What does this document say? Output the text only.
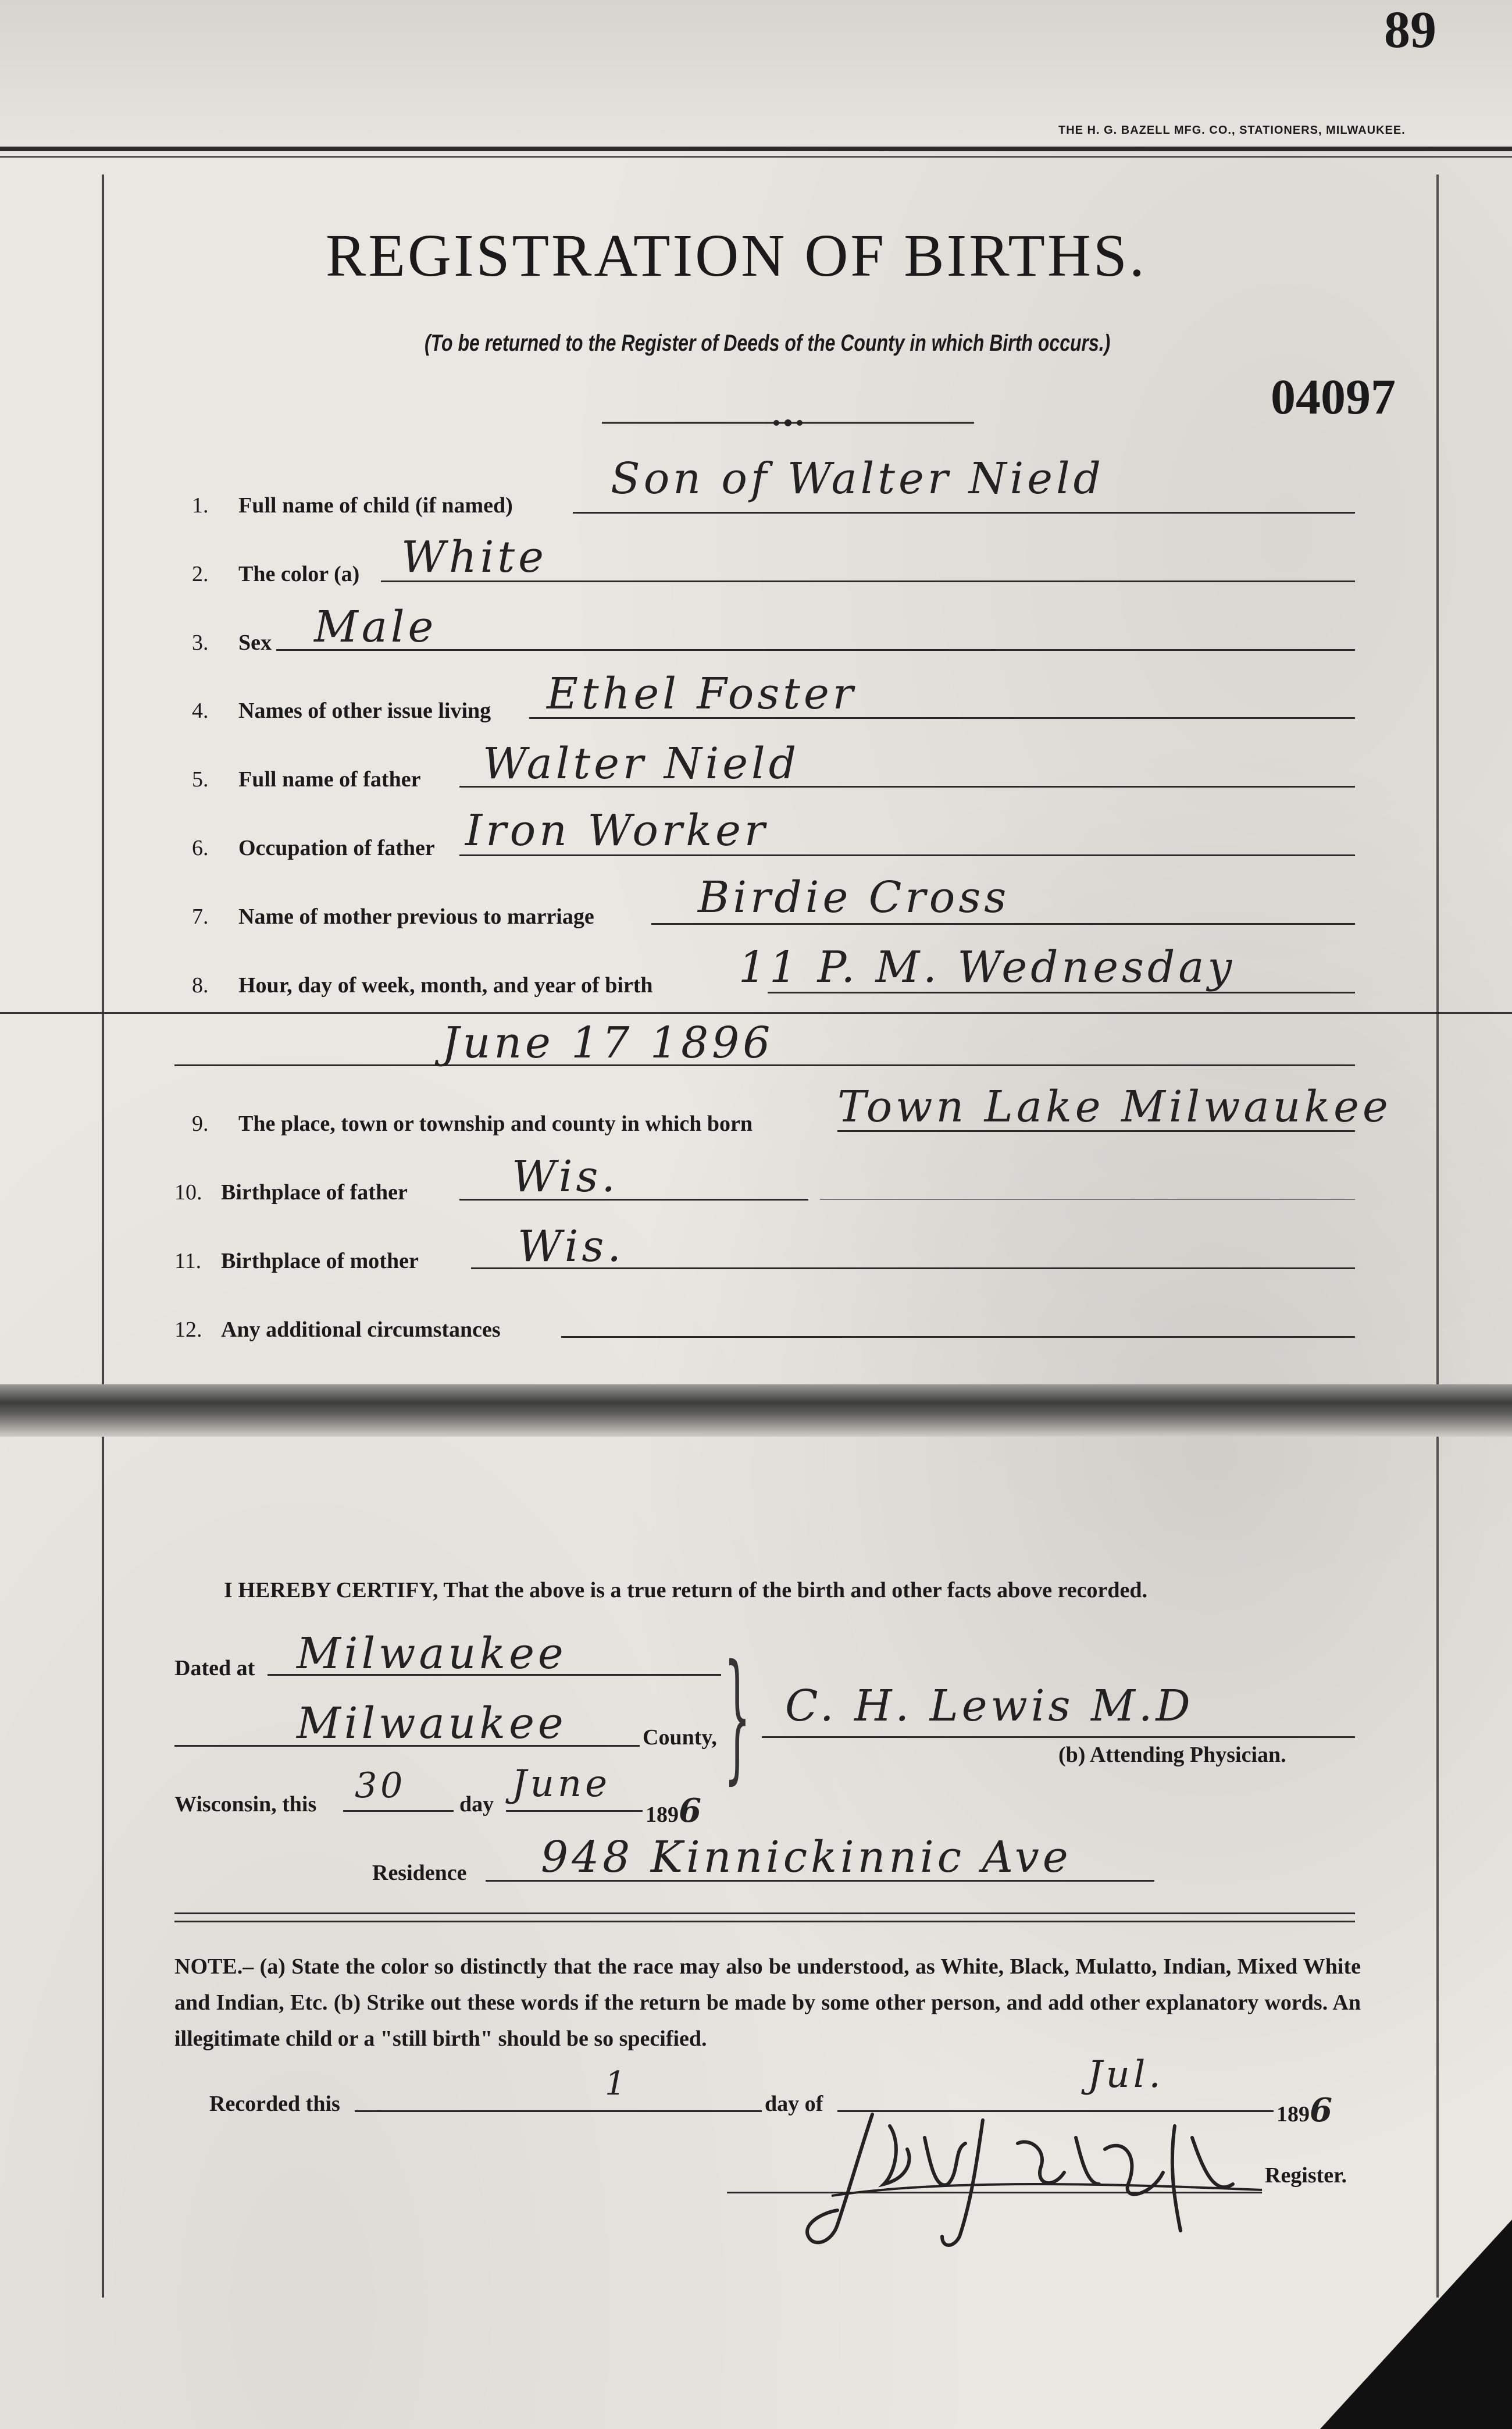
89
THE H. G. BAZELL MFG. CO., STATIONERS, MILWAUKEE.
REGISTRATION OF BIRTHS.
(To be returned to the Register of Deeds of the County in which Birth occurs.)
04097
1. Full name of child (if named)
Son of Walter Nield
2. The color (a) White
3. Sex Male
4. Names of other issue living Ethel Foster
5. Full name of father Walter Nield
6. Occupation of father Iron Worker
7. Name of mother previous to marriage Birdie Cross
8. Hour, day of week, month, and year of birth 11 P. M. Wednesday
June 17 1896
9. The place, town or township and county in which born Town Lake Milwaukee
10. Birthplace of father Wis.
11. Birthplace of mother Wis.
12. Any additional circumstances
I HEREBY CERTIFY, That the above is a true return of the birth and other facts above recorded.
Dated at Milwaukee
Milwaukee	County, } C. H. Lewis M.D
(b) Attending Physician.
Wisconsin, this 30 day June
1896
Residence 948 Kinnickinnic Ave
NOTE.– (a) State the color so distinctly that the race may also be understood, as White, Black, Mulatto, Indian, Mixed White and Indian, Etc. (b) Strike out these words if the return be made by some other person, and add other explanatory words. An illegitimate child or a "still birth" should be so specified.
Recorded this
1
day of
Jul.
1896
Register.
